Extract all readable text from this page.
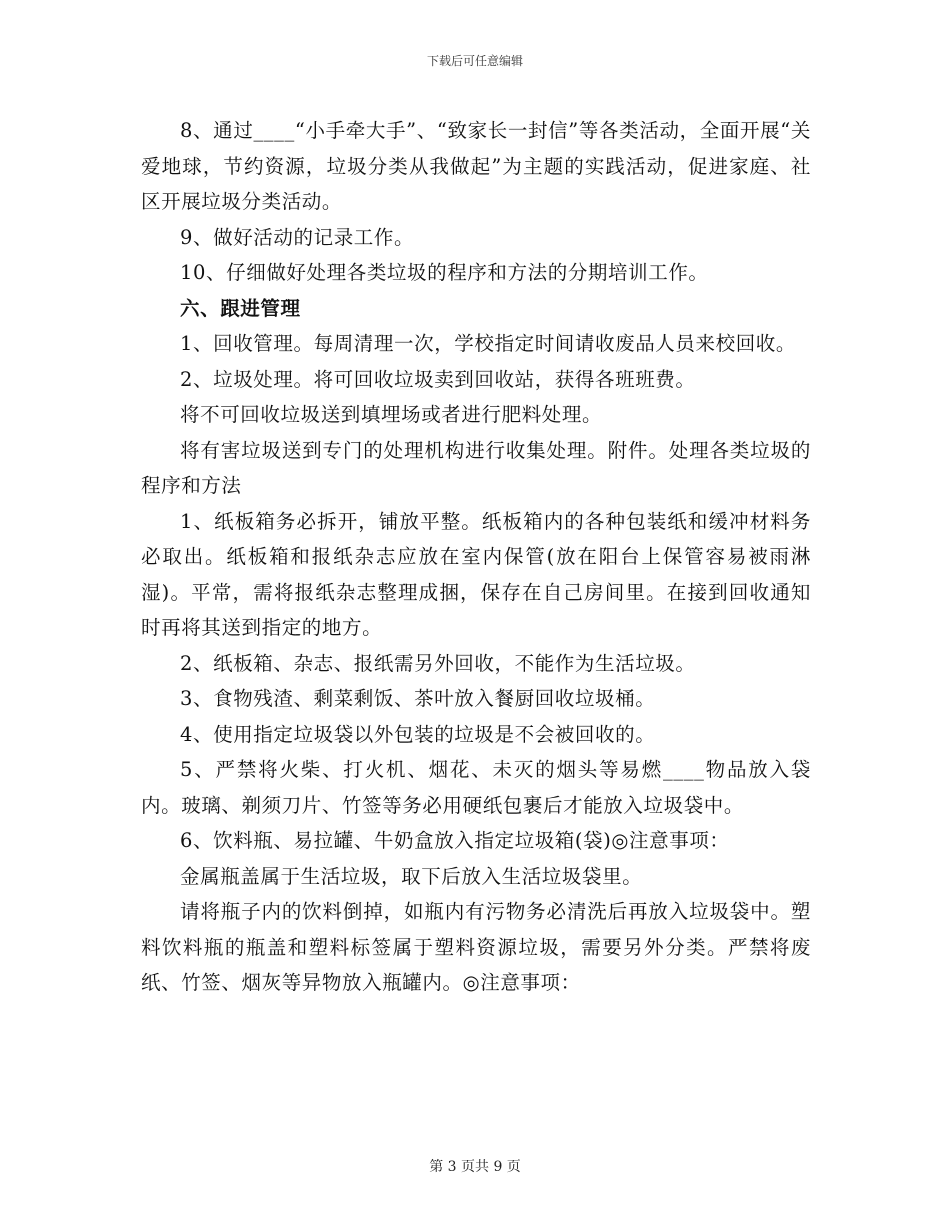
下载后可任意编辑

8、通过____“小手牵大手”、“致家长一封信”等各类活动，全面开展“关爱地球，节约资源，垃圾分类从我做起”为主题的实践活动，促进家庭、社区开展垃圾分类活动。

9、做好活动的记录工作。

10、仔细做好处理各类垃圾的程序和方法的分期培训工作。

六、跟进管理

1、回收管理。每周清理一次，学校指定时间请收废品人员来校回收。

2、垃圾处理。将可回收垃圾卖到回收站，获得各班班费。

将不可回收垃圾送到填埋场或者进行肥料处理。

将有害垃圾送到专门的处理机构进行收集处理。附件。处理各类垃圾的程序和方法

1、纸板箱务必拆开，铺放平整。纸板箱内的各种包装纸和缓冲材料务必取出。纸板箱和报纸杂志应放在室内保管(放在阳台上保管容易被雨淋湿)。平常，需将报纸杂志整理成捆，保存在自己房间里。在接到回收通知时再将其送到指定的地方。

2、纸板箱、杂志、报纸需另外回收，不能作为生活垃圾。

3、食物残渣、剩菜剩饭、茶叶放入餐厨回收垃圾桶。

4、使用指定垃圾袋以外包装的垃圾是不会被回收的。

5、严禁将火柴、打火机、烟花、未灭的烟头等易燃____物品放入袋内。玻璃、剃须刀片、竹签等务必用硬纸包裹后才能放入垃圾袋中。

6、饮料瓶、易拉罐、牛奶盒放入指定垃圾箱(袋)◎注意事项：

金属瓶盖属于生活垃圾，取下后放入生活垃圾袋里。

请将瓶子内的饮料倒掉，如瓶内有污物务必清洗后再放入垃圾袋中。塑料饮料瓶的瓶盖和塑料标签属于塑料资源垃圾，需要另外分类。严禁将废纸、竹签、烟灰等异物放入瓶罐内。◎注意事项：

第 3 页共 9 页
